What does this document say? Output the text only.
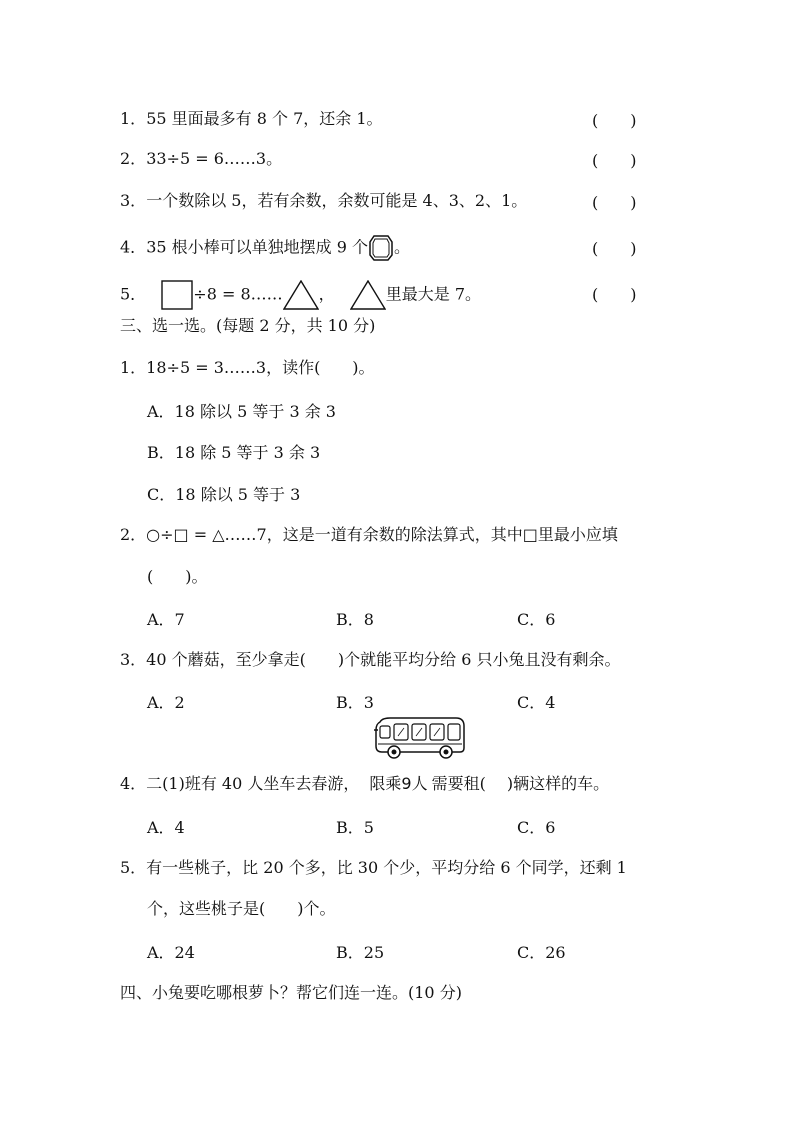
1．55 里面最多有 8 个 7，还余 1。	(　　)
2．33÷5 = 6……3。	(　　)
3．一个数除以 5，若有余数，余数可能是 4、3、2、1。	(　　)
4．35 根小棒可以单独地摆成 9 个 。	(　　)
5．	÷8 = 8…… ，	里最大是 7。	(　　)
三、选一选。(每题 2 分，共 10 分)
1．18÷5 = 3……3，读作(　　)。
A．18 除以 5 等于 3 余 3
B．18 除 5 等于 3 余 3
C．18 除以 5 等于 3
2．○÷□ = △……7，这是一道有余数的除法算式，其中□里最小应填
(　　)。
A．7	B．8	C．6
3．40 个蘑菇，至少拿走(　　)个就能平均分给 6 只小兔且没有剩余。
A．2	B．3	C．4
4．二(1)班有 40 人坐车去春游， 限乘9人 需要租(　 )辆这样的车。
A．4	B．5	C．6
5．有一些桃子，比 20 个多，比 30 个少，平均分给 6 个同学，还剩 1
个，这些桃子是(　　)个。
A．24	B．25	C．26
四、小兔要吃哪根萝卜？帮它们连一连。(10 分)
